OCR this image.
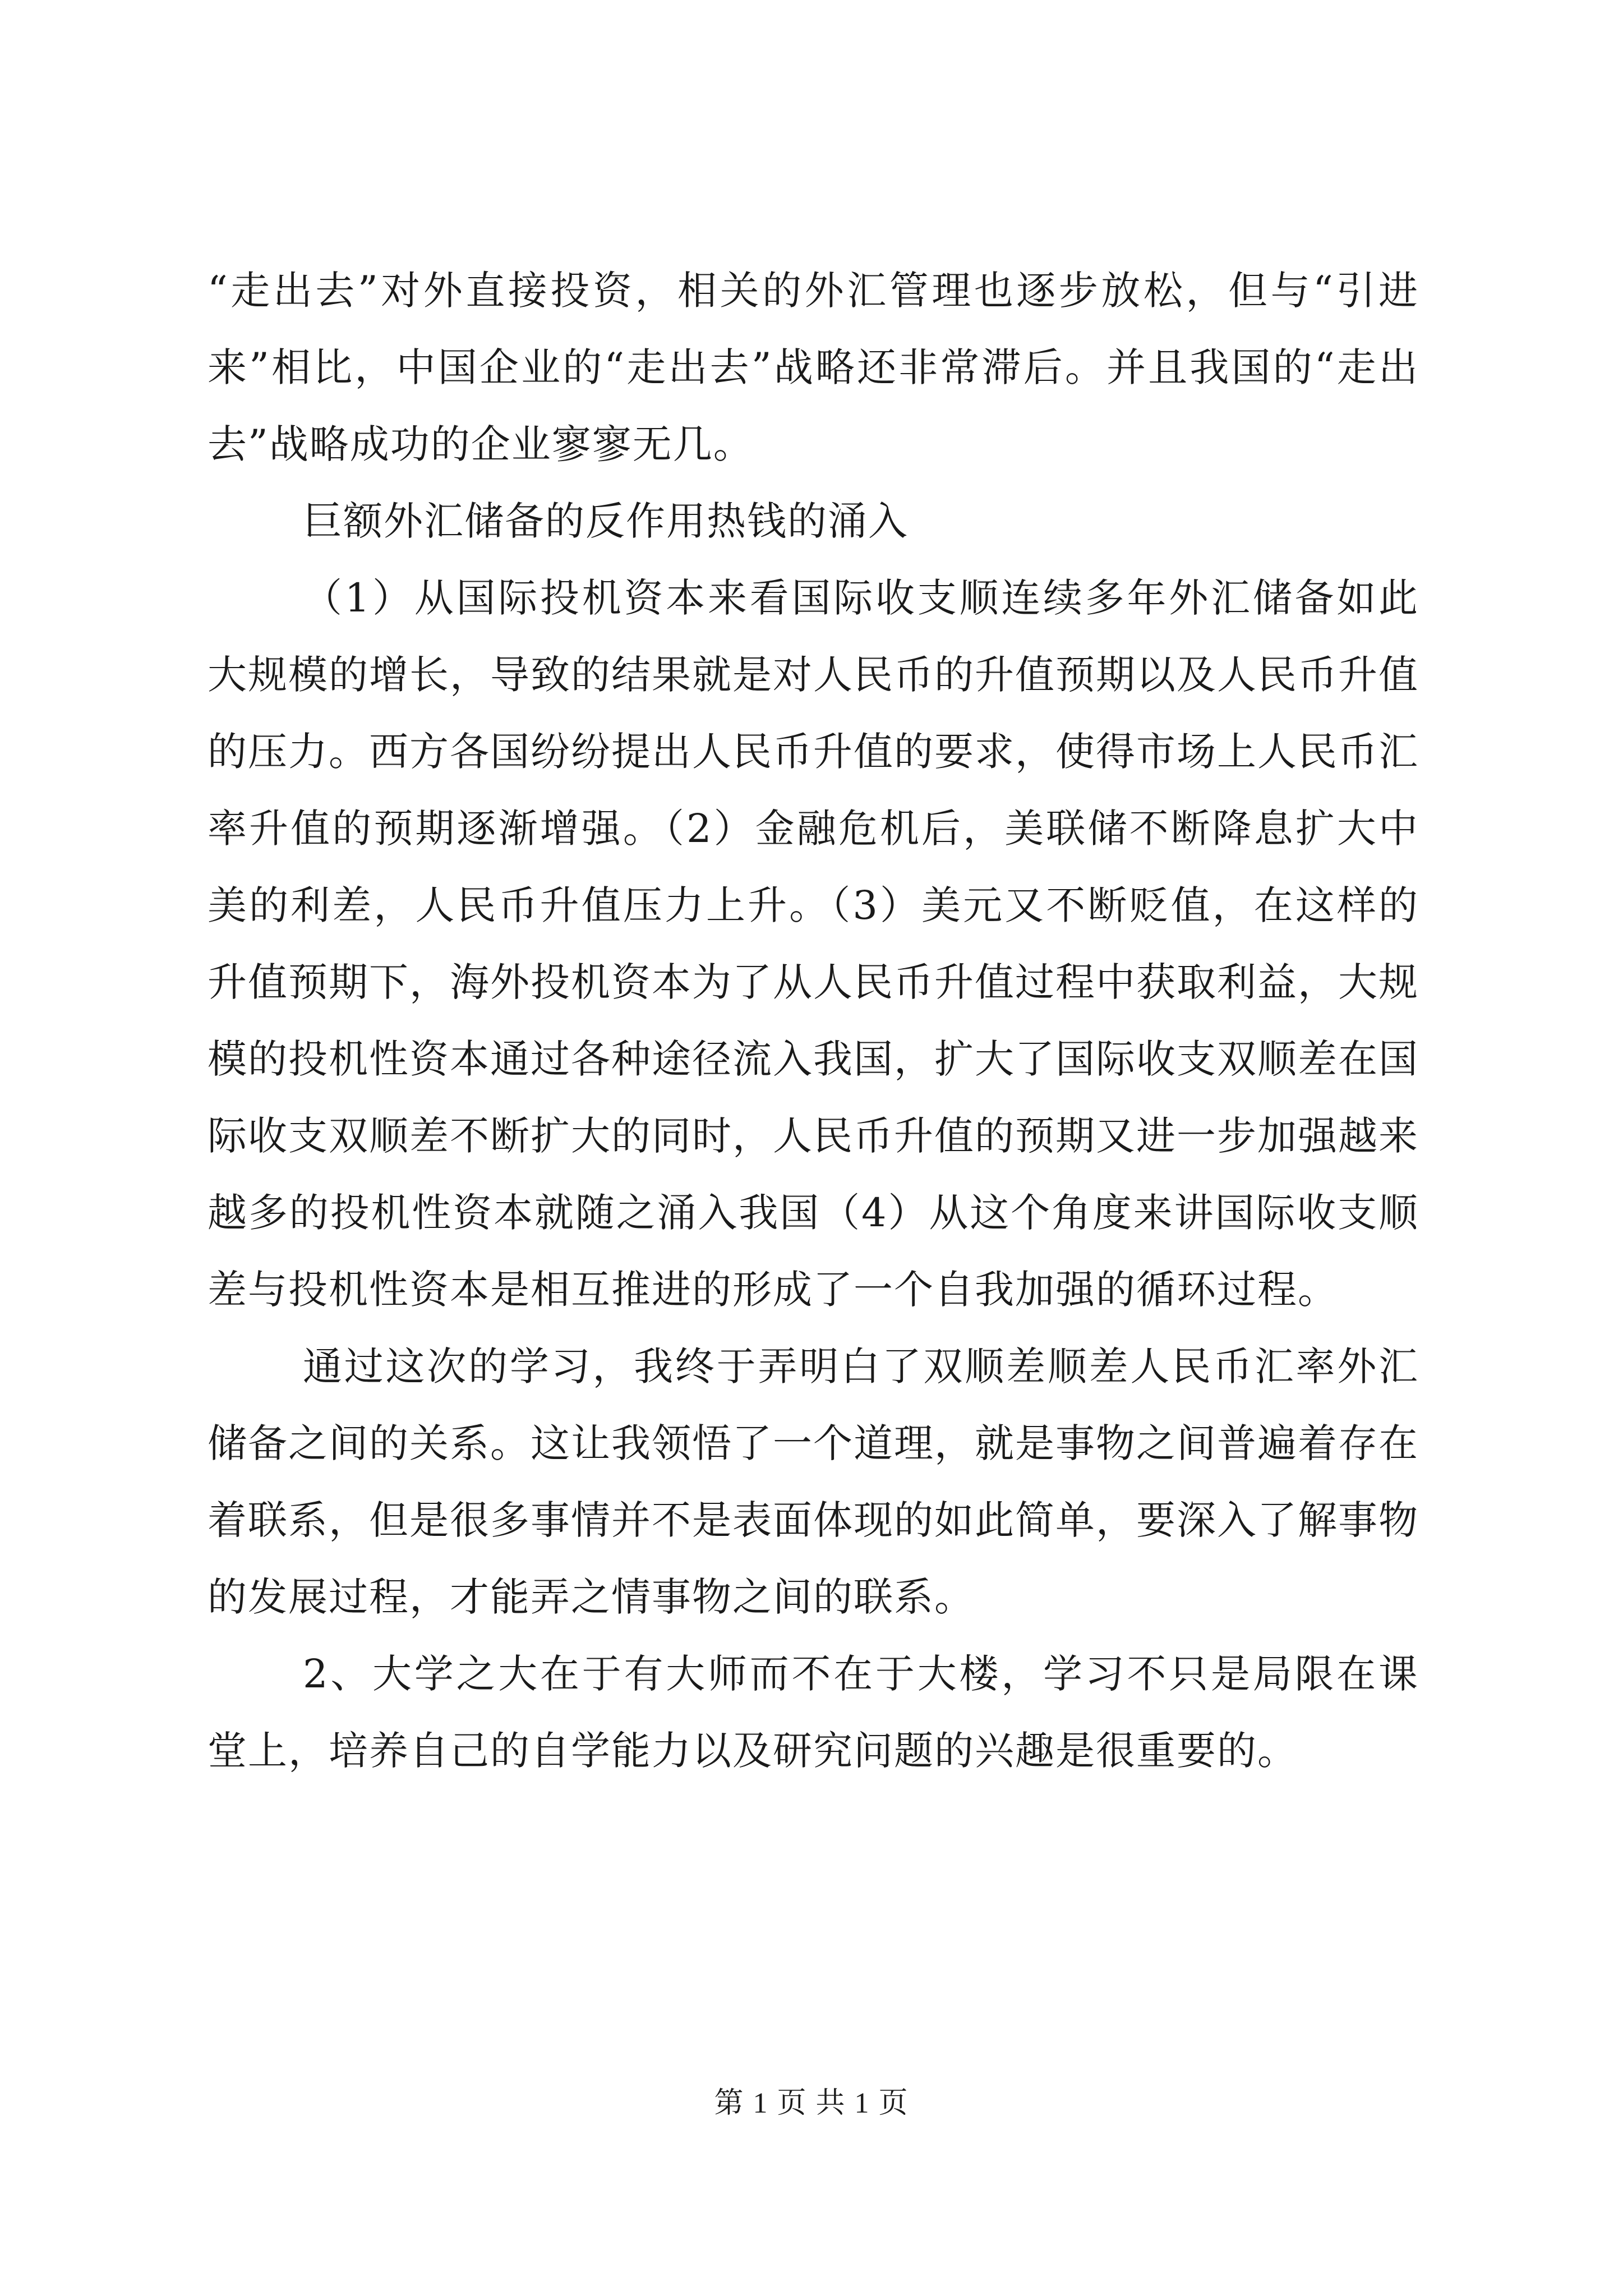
“走出去”对外直接投资，相关的外汇管理也逐步放松，但与“引进来”相比，中国企业的“走出去”战略还非常滞后。并且我国的“走出去”战略成功的企业寥寥无几。

巨额外汇储备的反作用热钱的涌入

（1）从国际投机资本来看国际收支顺连续多年外汇储备如此大规模的增长，导致的结果就是对人民币的升值预期以及人民币升值的压力。西方各国纷纷提出人民币升值的要求，使得市场上人民币汇率升值的预期逐渐增强。（2）金融危机后，美联储不断降息扩大中美的利差，人民币升值压力上升。（3）美元又不断贬值，在这样的升值预期下，海外投机资本为了从人民币升值过程中获取利益，大规模的投机性资本通过各种途径流入我国，扩大了国际收支双顺差在国际收支双顺差不断扩大的同时，人民币升值的预期又进一步加强越来越多的投机性资本就随之涌入我国（4）从这个角度来讲国际收支顺差与投机性资本是相互推进的形成了一个自我加强的循环过程。

通过这次的学习，我终于弄明白了双顺差顺差人民币汇率外汇储备之间的关系。这让我领悟了一个道理，就是事物之间普遍着存在着联系，但是很多事情并不是表面体现的如此简单，要深入了解事物的发展过程，才能弄之情事物之间的联系。

2、大学之大在于有大师而不在于大楼，学习不只是局限在课堂上，培养自己的自学能力以及研究问题的兴趣是很重要的。

第 1 页 共 1 页
